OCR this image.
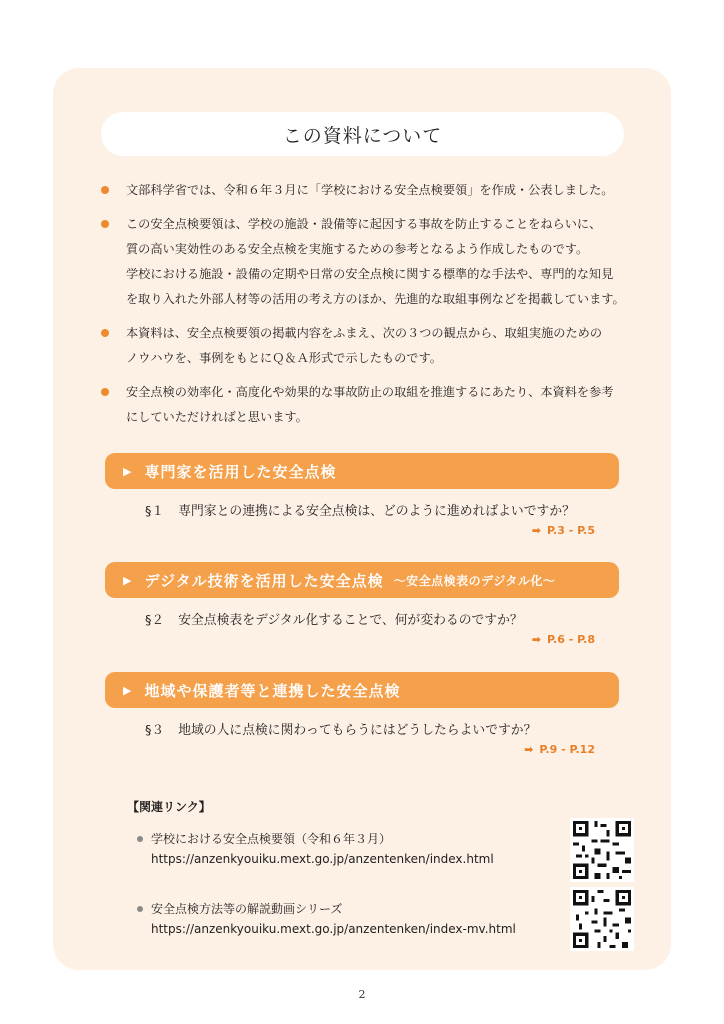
この資料について

文部科学省では、令和６年３月に「学校における安全点検要領」を作成・公表しました。

この安全点検要領は、学校の施設・設備等に起因する事故を防止することをねらいに、

質の高い実効性のある安全点検を実施するための参考となるよう作成したものです。

学校における施設・設備の定期や日常の安全点検に関する標準的な手法や、専門的な知見

を取り入れた外部人材等の活用の考え方のほか、先進的な取組事例などを掲載しています。

本資料は、安全点検要領の掲載内容をふまえ、次の３つの観点から、取組実施のための

ノウハウを、事例をもとにＱ＆Ａ形式で示したものです。

安全点検の効率化・高度化や効果的な事故防止の取組を推進するにあたり、本資料を参考

にしていただければと思います。

▶ 専門家を活用した安全点検
§１ 専門家との連携による安全点検は、どのように進めればよいですか？
➡ P.3 - P.5
▶ デジタル技術を活用した安全点検 ～安全点検表のデジタル化～
§２ 安全点検表をデジタル化することで、何が変わるのですか？
➡ P.6 - P.8
▶ 地域や保護者等と連携した安全点検
§３ 地域の人に点検に関わってもらうにはどうしたらよいですか？
➡ P.9 - P.12
【関連リンク】
学校における安全点検要領（令和６年３月）
https://anzenkyouiku.mext.go.jp/anzentenken/index.html
安全点検方法等の解説動画シリーズ
https://anzenkyouiku.mext.go.jp/anzentenken/index-mv.html
2
